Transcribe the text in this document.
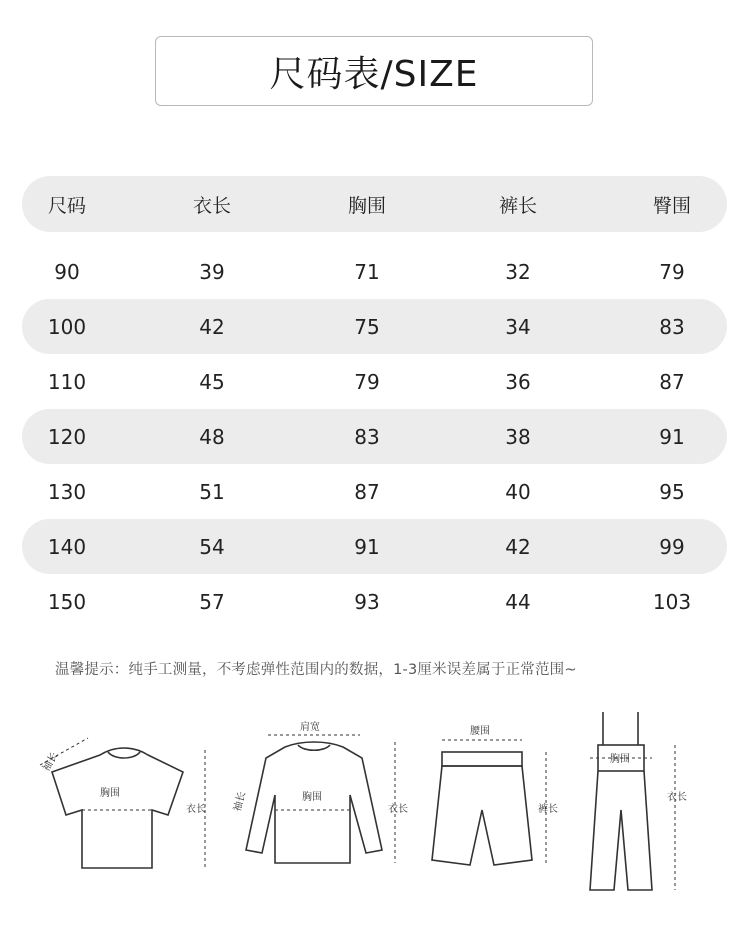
尺码表/SIZE
尺码	衣长	胸围	裤长	臀围
90	39	71	32	79
100	42	75	34	83
110	45	79	36	87
120	48	83	38	91
130	51	87	40	95
140	54	91	42	99
150	57	93	44	103
温馨提示：纯手工测量，不考虑弹性范围内的数据，1-3厘米误差属于正常范围~
胸围
衣长
袖长
肩宽
胸围
衣长
袖长
腰围
裤长
胸围
衣长
